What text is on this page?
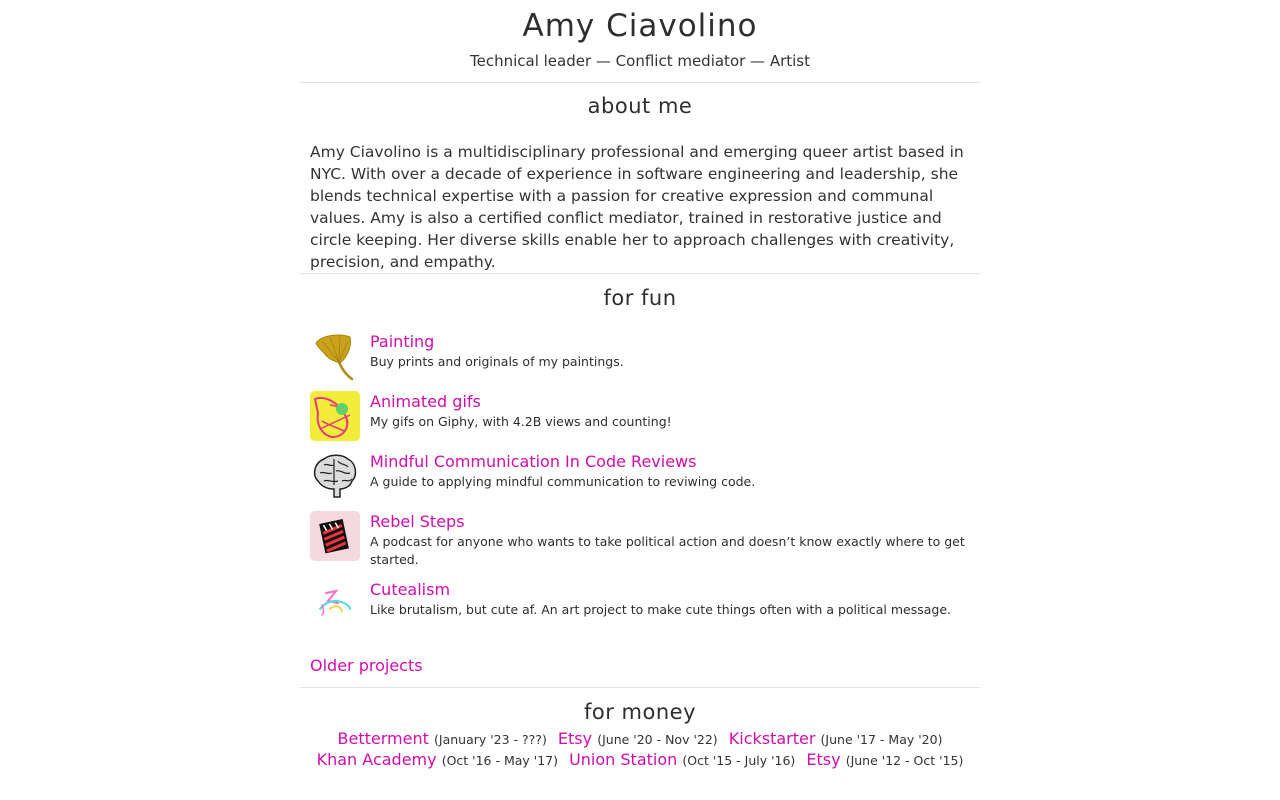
Amy Ciavolino

Technical leader — Conflict mediator — Artist

about me

Amy Ciavolino is a multidisciplinary professional and emerging queer artist based in NYC. With over a decade of experience in software engineering and leadership, she blends technical expertise with a passion for creative expression and communal values. Amy is also a certified conflict mediator, trained in restorative justice and circle keeping. Her diverse skills enable her to approach challenges with creativity, precision, and empathy.

for fun
Painting

Buy prints and originals of my paintings.

Animated gifs

My gifs on Giphy, with 4.2B views and counting!

Mindful Communication In Code Reviews

A guide to applying mindful communication to reviwing code.

Rebel Steps

A podcast for anyone who wants to take political action and doesn’t know exactly where to get started.

Cutealism

Like brutalism, but cute af. An art project to make cute things often with a political message.

Older projects
for money
Betterment (January '23 - ???) Etsy (June '20 - Nov '22) Kickstarter (June '17 - May '20)
Khan Academy (Oct '16 - May '17) Union Station (Oct '15 - July '16) Etsy (June '12 - Oct '15)
